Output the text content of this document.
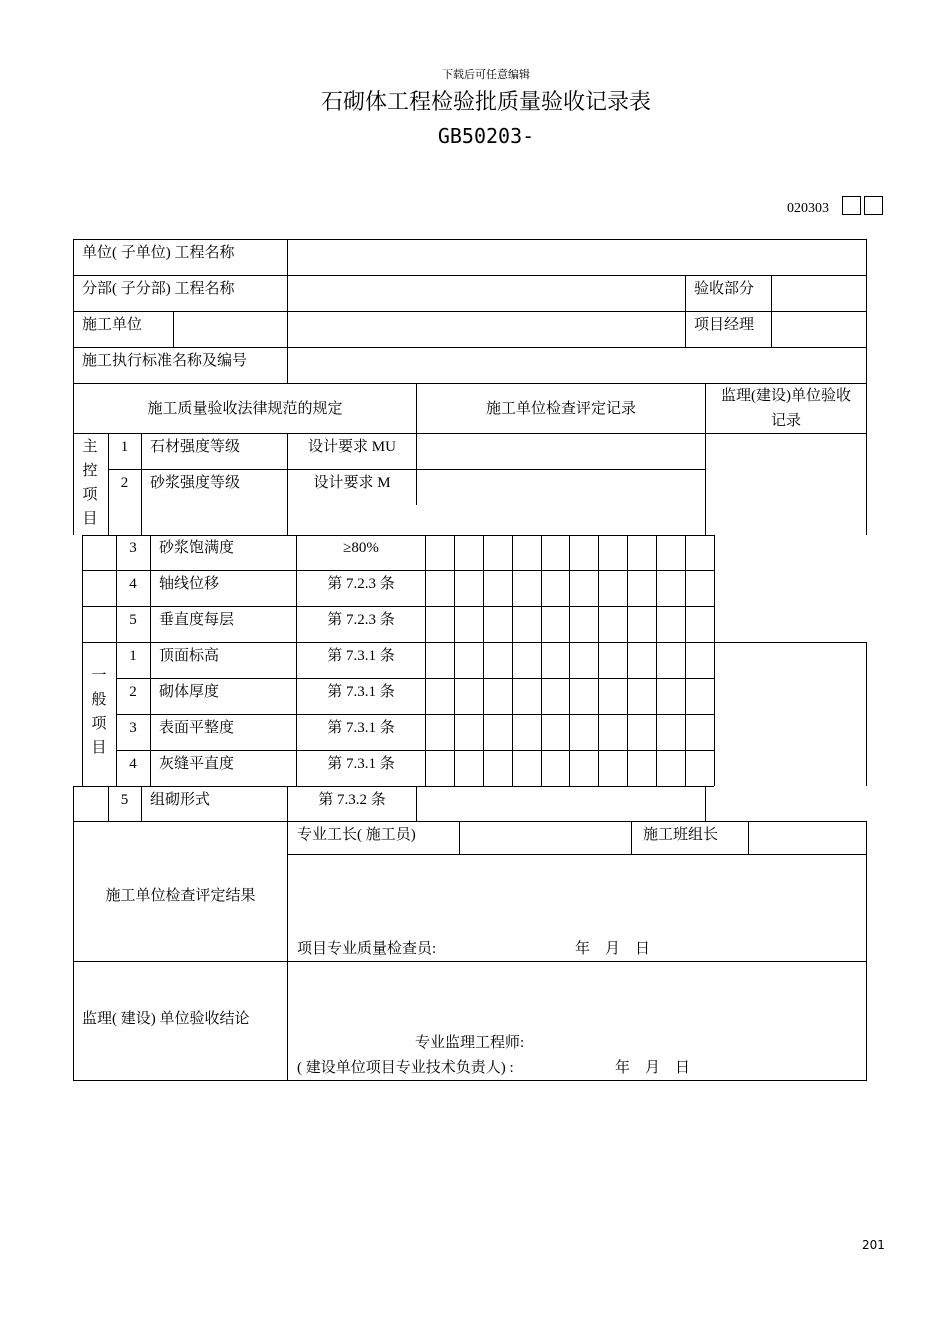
下载后可任意编辑
石砌体工程检验批质量验收记录表
GB50203-
020303
单位( 子单位) 工程名称
分部( 子分部) 工程名称	验收部分
施工单位	项目经理
施工执行标准名称及编号
施工质量验收法律规范的规定	施工单位检查评定记录
监理(建设)单位验收
记录
主
控
项
目
1	石材强度等级	设计要求 MU
2	砂浆强度等级	设计要求 M
3	砂浆饱满度	≥80%
4	轴线位移	第 7.2.3 条
5	垂直度每层	第 7.2.3 条
一
般
项
目
1	顶面标高	第 7.3.1 条
2	砌体厚度	第 7.3.1 条
3	表面平整度	第 7.3.1 条
4	灰缝平直度	第 7.3.1 条
5	组砌形式	第 7.3.2 条
施工单位检查评定结果
专业工长( 施工员)	施工班组长
项目专业质量检查员:	年    月    日
监理( 建设) 单位验收结论
专业监理工程师:
( 建设单位项目专业技术负责人) :	年    月    日
201
